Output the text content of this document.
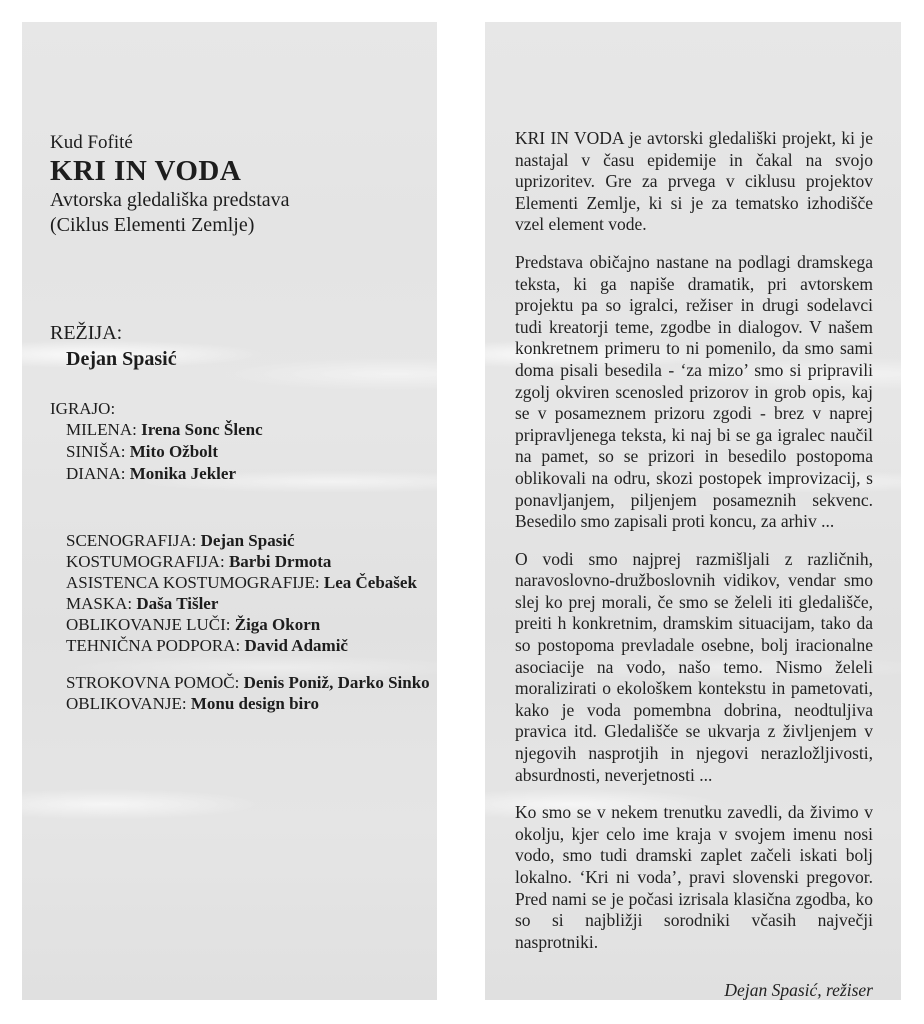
Kud Fofité
KRI IN VODA
Avtorska gledališka predstava
(Ciklus Elementi Zemlje)
REŽIJA:
Dejan Spasić
IGRAJO:
MILENA: Irena Sonc Šlenc
SINIŠA: Mito Ožbolt
DIANA: Monika Jekler
SCENOGRAFIJA: Dejan Spasić
KOSTUMOGRAFIJA: Barbi Drmota
ASISTENCA KOSTUMOGRAFIJE: Lea Čebašek
MASKA: Daša Tišler
OBLIKOVANJE LUČI: Žiga Okorn
TEHNIČNA PODPORA: David Adamič
STROKOVNA POMOČ: Denis Poniž, Darko Sinko
OBLIKOVANJE: Monu design biro

KRI IN VODA je avtorski gledališki projekt, ki je nastajal v času epidemije in čakal na svojo uprizoritev. Gre za prvega v ciklusu projektov Elementi Zemlje, ki si je za tematsko izhodišče vzel element vode.

Predstava običajno nastane na podlagi dramskega teksta, ki ga napiše dramatik, pri avtorskem projektu pa so igralci, režiser in drugi sodelavci tudi kreatorji teme, zgodbe in dialogov. V našem konkretnem primeru to ni pomenilo, da smo sami doma pisali besedila - ‘za mizo’ smo si pripravili zgolj okviren scenosled prizorov in grob opis, kaj se v posameznem prizoru zgodi - brez v naprej pripravljenega teksta, ki naj bi se ga igralec naučil na pamet, so se prizori in besedilo postopoma oblikovali na odru, skozi postopek improvizacij, s ponavljanjem, piljenjem posameznih sekvenc. Besedilo smo zapisali proti koncu, za arhiv ...

O vodi smo najprej razmišljali z različnih, naravoslovno-družboslovnih vidikov, vendar smo slej ko prej morali, če smo se želeli iti gledališče, preiti h konkretnim, dramskim situacijam, tako da so postopoma prevladale osebne, bolj iracionalne asociacije na vodo, našo temo. Nismo želeli moralizirati o ekološkem kontekstu in pametovati, kako je voda pomembna dobrina, neodtuljiva pravica itd. Gledališče se ukvarja z življenjem v njegovih nasprotjih in njegovi nerazložljivosti, absurdnosti, neverjetnosti ...

Ko smo se v nekem trenutku zavedli, da živimo v okolju, kjer celo ime kraja v svojem imenu nosi vodo, smo tudi dramski zaplet začeli iskati bolj lokalno. ‘Kri ni voda’, pravi slovenski pregovor. Pred nami se je počasi izrisala klasična zgodba, ko so si najbližji sorodniki včasih največji nasprotniki.

Dejan Spasić, režiser
